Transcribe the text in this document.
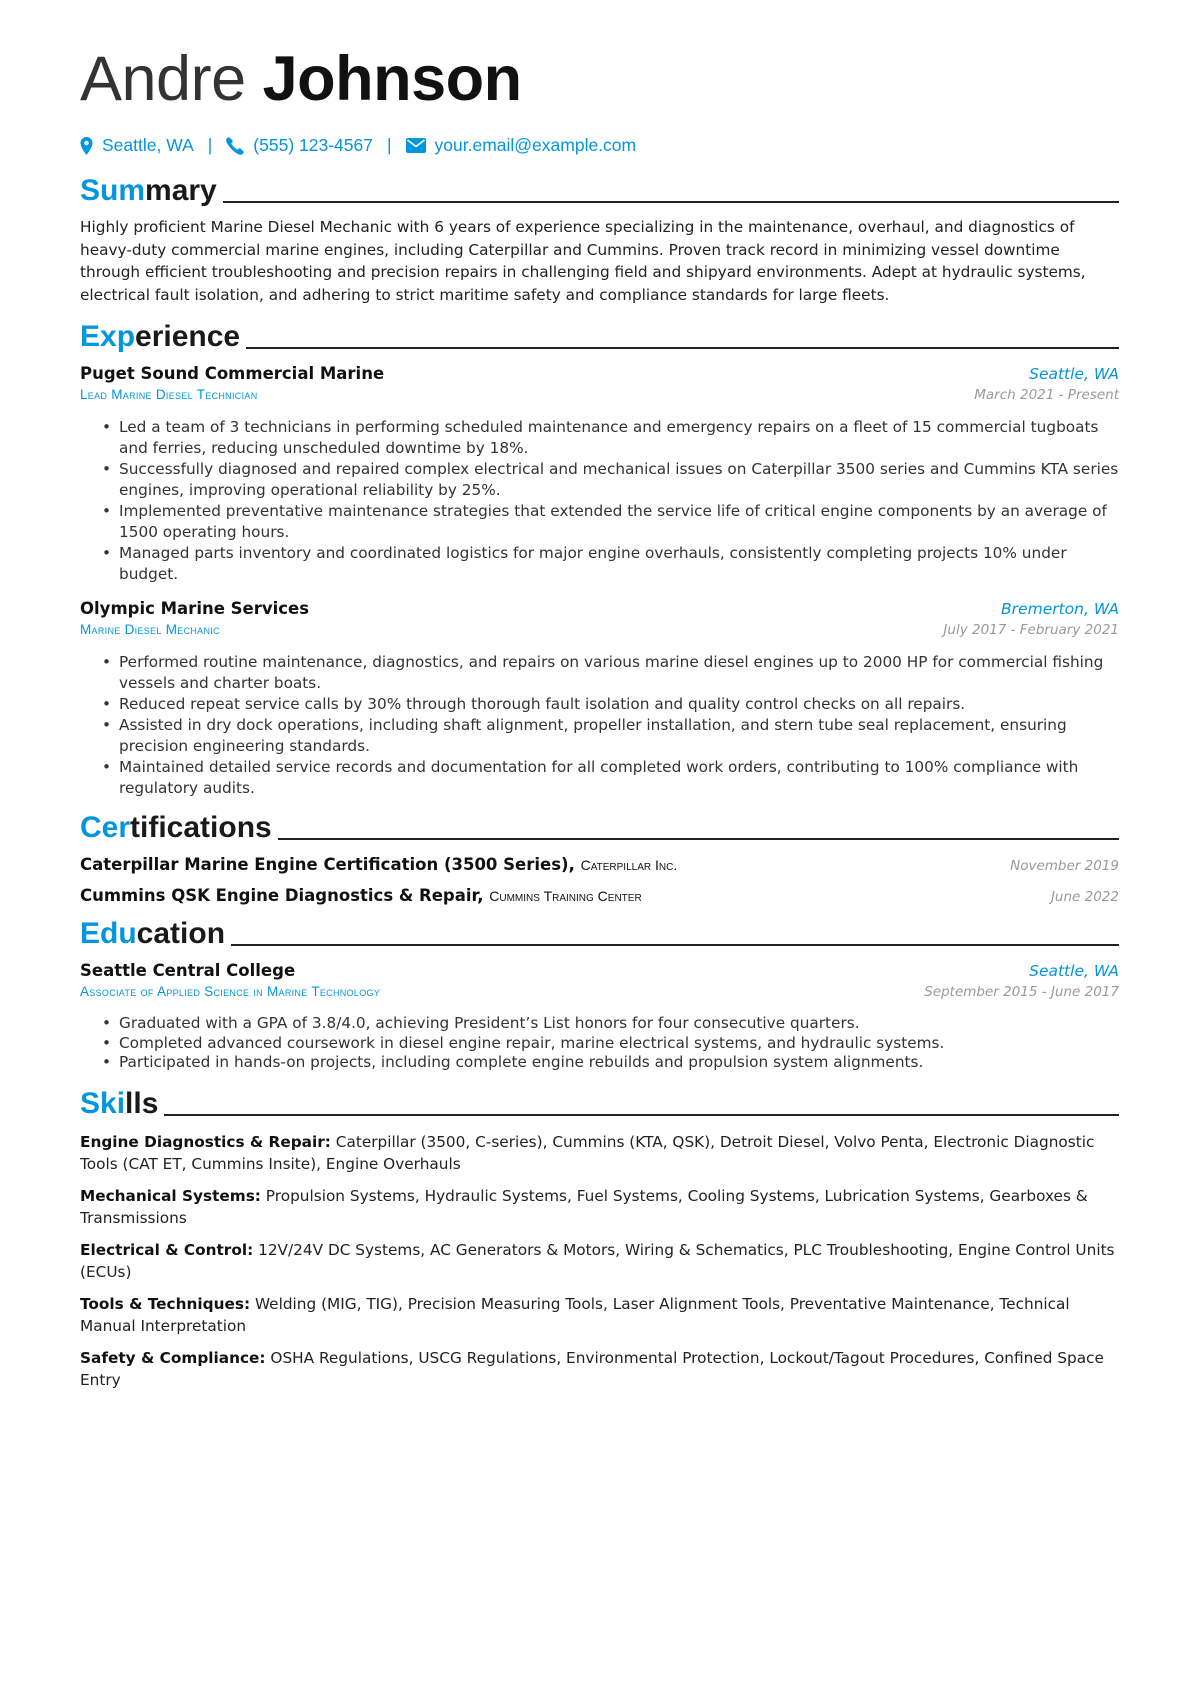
Andre Johnson
Seattle, WA | (555) 123-4567 | your.email@example.com
Summary
Highly proficient Marine Diesel Mechanic with 6 years of experience specializing in the maintenance, overhaul, and diagnostics of heavy-duty commercial marine engines, including Caterpillar and Cummins. Proven track record in minimizing vessel downtime through efficient troubleshooting and precision repairs in challenging field and shipyard environments. Adept at hydraulic systems, electrical fault isolation, and adhering to strict maritime safety and compliance standards for large fleets.
Experience
Puget Sound Commercial Marine	Seattle, WA
Lead Marine Diesel Technician	March 2021 - Present
• Led a team of 3 technicians in performing scheduled maintenance and emergency repairs on a fleet of 15 commercial tugboats and ferries, reducing unscheduled downtime by 18%.
• Successfully diagnosed and repaired complex electrical and mechanical issues on Caterpillar 3500 series and Cummins KTA series engines, improving operational reliability by 25%.
• Implemented preventative maintenance strategies that extended the service life of critical engine components by an average of 1500 operating hours.
• Managed parts inventory and coordinated logistics for major engine overhauls, consistently completing projects 10% under budget.
Olympic Marine Services	Bremerton, WA
Marine Diesel Mechanic	July 2017 - February 2021
• Performed routine maintenance, diagnostics, and repairs on various marine diesel engines up to 2000 HP for commercial fishing vessels and charter boats.
• Reduced repeat service calls by 30% through thorough fault isolation and quality control checks on all repairs.
• Assisted in dry dock operations, including shaft alignment, propeller installation, and stern tube seal replacement, ensuring precision engineering standards.
• Maintained detailed service records and documentation for all completed work orders, contributing to 100% compliance with regulatory audits.
Certifications
Caterpillar Marine Engine Certification (3500 Series), Caterpillar Inc.	November 2019
Cummins QSK Engine Diagnostics & Repair, Cummins Training Center	June 2022
Education
Seattle Central College	Seattle, WA
Associate of Applied Science in Marine Technology	September 2015 - June 2017
• Graduated with a GPA of 3.8/4.0, achieving President’s List honors for four consecutive quarters.
• Completed advanced coursework in diesel engine repair, marine electrical systems, and hydraulic systems.
• Participated in hands-on projects, including complete engine rebuilds and propulsion system alignments.
Skills
Engine Diagnostics & Repair: Caterpillar (3500, C-series), Cummins (KTA, QSK), Detroit Diesel, Volvo Penta, Electronic Diagnostic Tools (CAT ET, Cummins Insite), Engine Overhauls
Mechanical Systems: Propulsion Systems, Hydraulic Systems, Fuel Systems, Cooling Systems, Lubrication Systems, Gearboxes & Transmissions
Electrical & Control: 12V/24V DC Systems, AC Generators & Motors, Wiring & Schematics, PLC Troubleshooting, Engine Control Units (ECUs)
Tools & Techniques: Welding (MIG, TIG), Precision Measuring Tools, Laser Alignment Tools, Preventative Maintenance, Technical Manual Interpretation
Safety & Compliance: OSHA Regulations, USCG Regulations, Environmental Protection, Lockout/Tagout Procedures, Confined Space Entry
